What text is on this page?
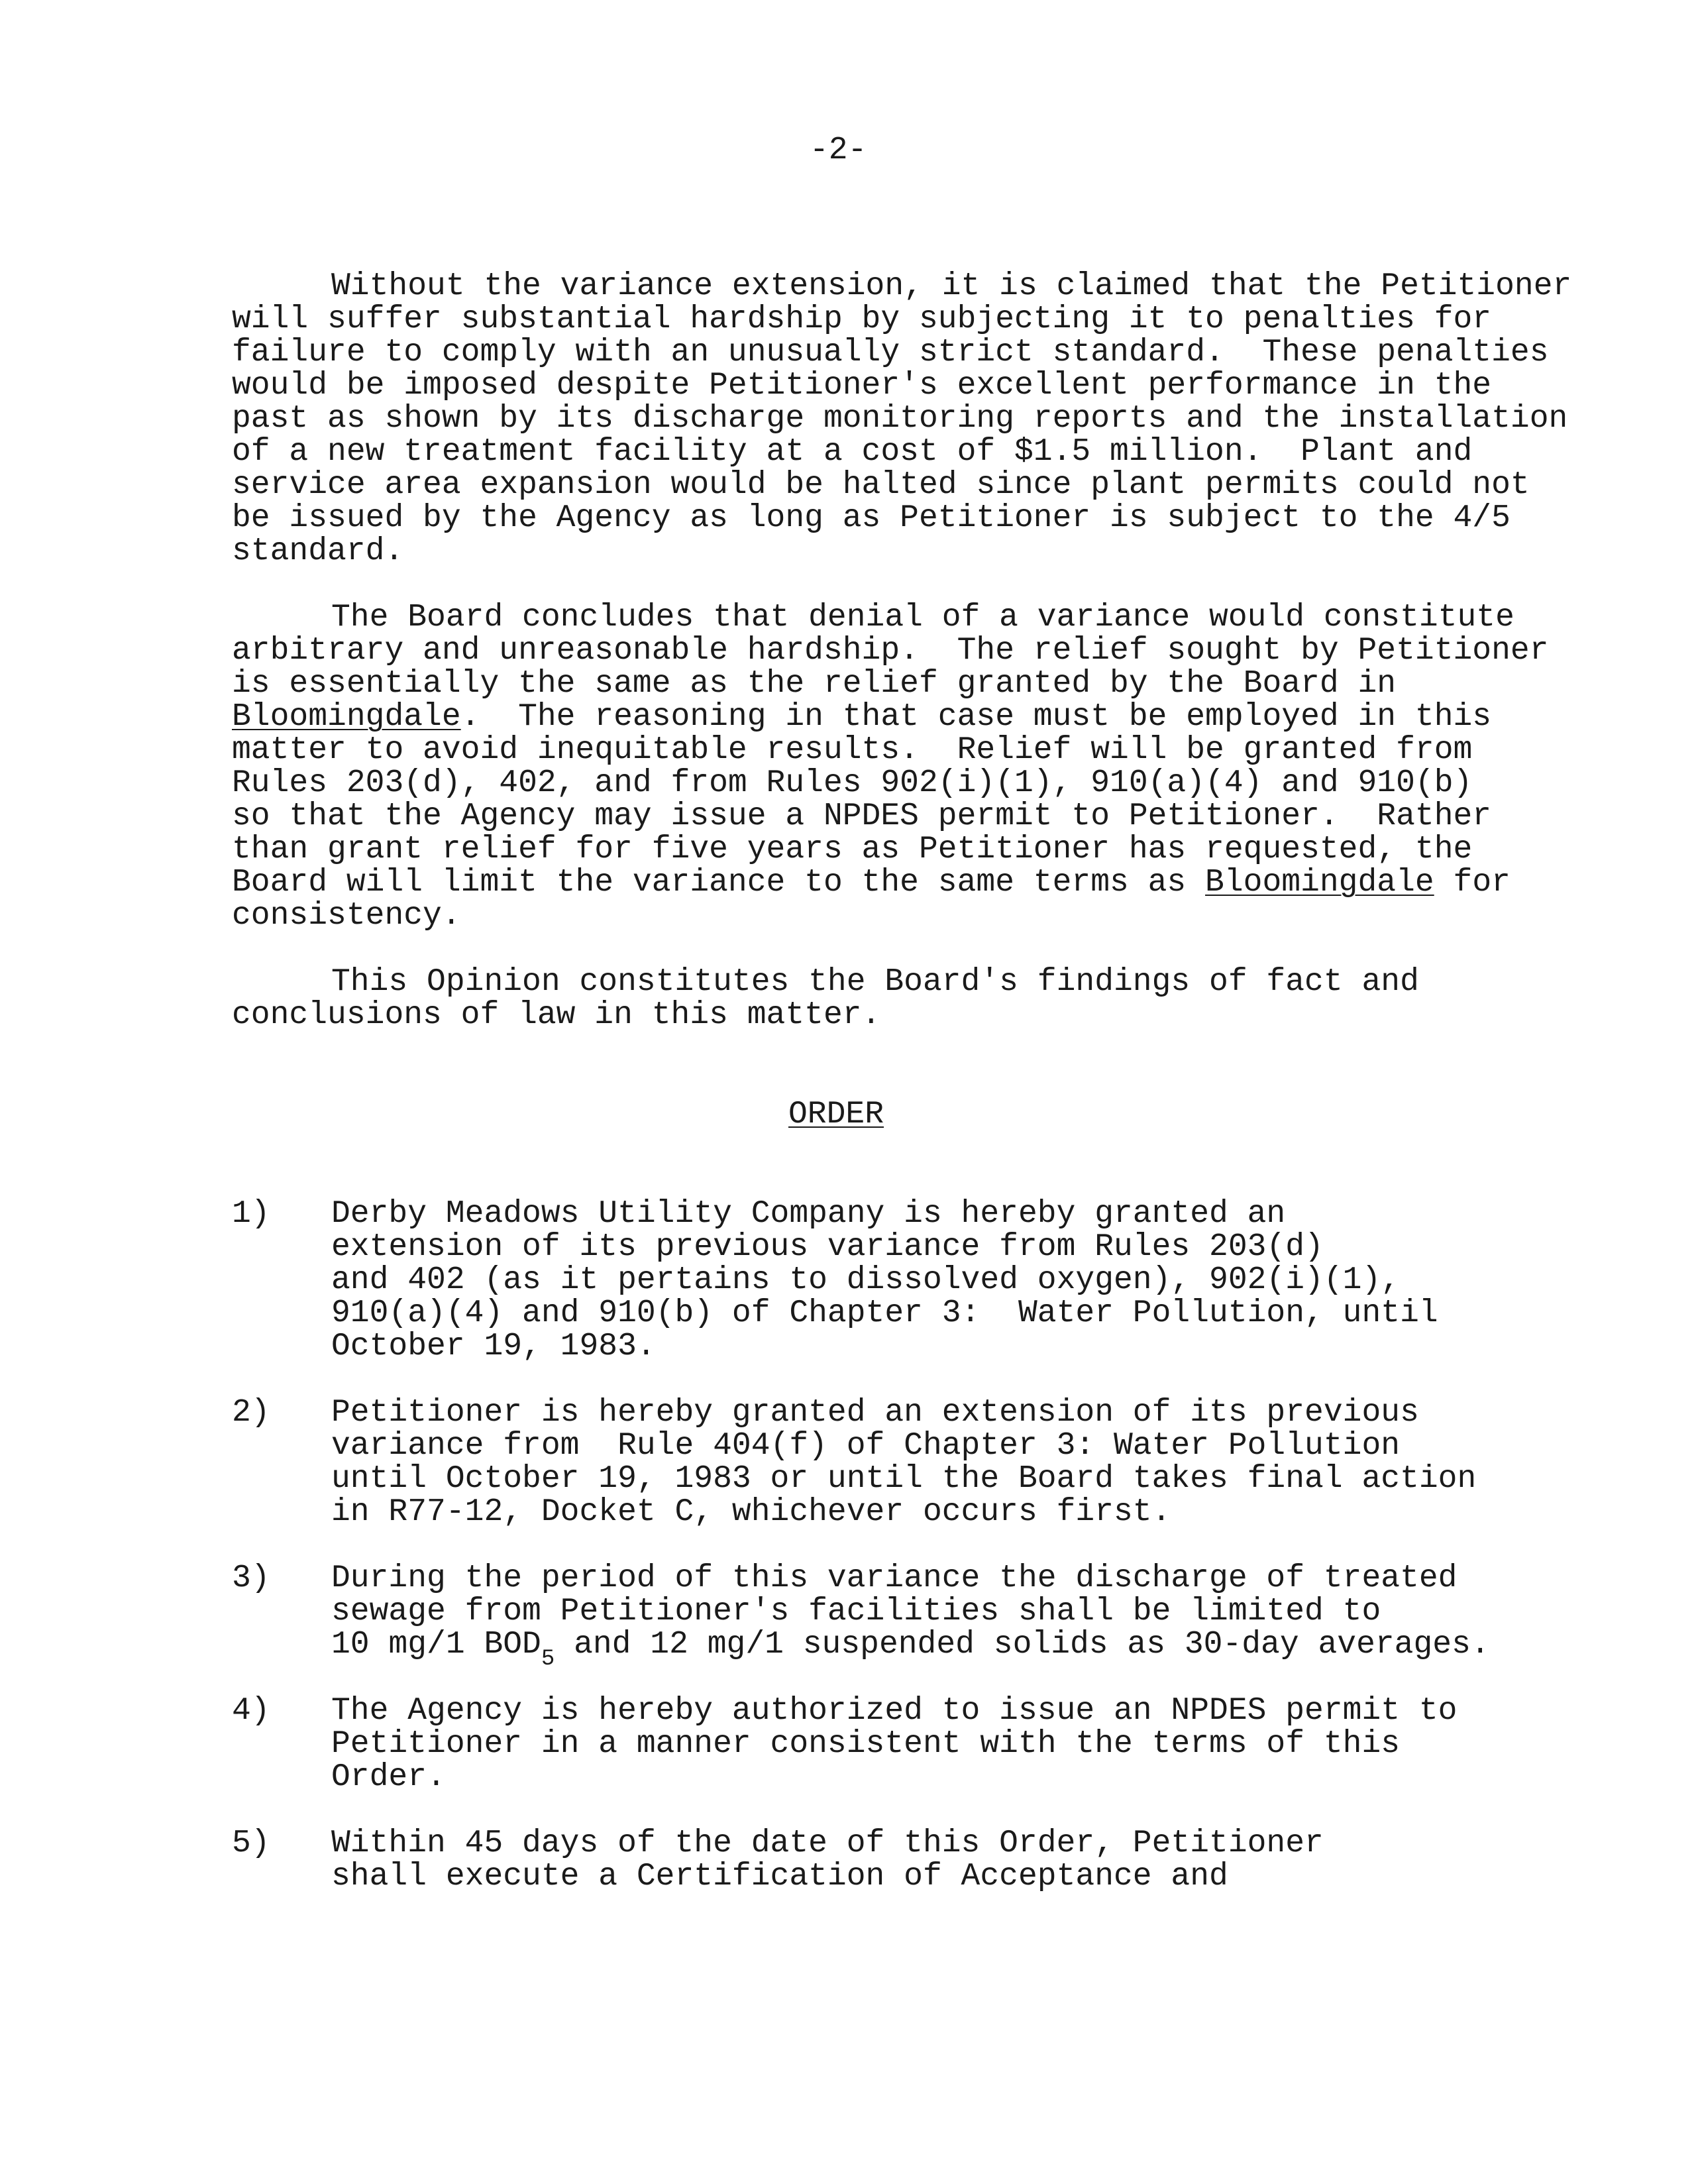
-2-
Without the variance extension, it is claimed that the Petitioner
will suffer substantial hardship by subjecting it to penalties for
failure to comply with an unusually strict standard.  These penalties
would be imposed despite Petitioner's excellent performance in the
past as shown by its discharge monitoring reports and the installation
of a new treatment facility at a cost of $1.5 million.  Plant and
service area expansion would be halted since plant permits could not
be issued by the Agency as long as Petitioner is subject to the 4/5
standard.
The Board concludes that denial of a variance would constitute
arbitrary and unreasonable hardship.  The relief sought by Petitioner
is essentially the same as the relief granted by the Board in
Bloomingdale.  The reasoning in that case must be employed in this
matter to avoid inequitable results.  Relief will be granted from
Rules 203(d), 402, and from Rules 902(i)(1), 910(a)(4) and 910(b)
so that the Agency may issue a NPDES permit to Petitioner.  Rather
than grant relief for five years as Petitioner has requested, the
Board will limit the variance to the same terms as Bloomingdale for
consistency.
This Opinion constitutes the Board's findings of fact and
conclusions of law in this matter.
ORDER
1) Derby Meadows Utility Company is hereby granted an
extension of its previous variance from Rules 203(d)
and 402 (as it pertains to dissolved oxygen), 902(i)(1),
910(a)(4) and 910(b) of Chapter 3:  Water Pollution, until
October 19, 1983.
2) Petitioner is hereby granted an extension of its previous
variance from  Rule 404(f) of Chapter 3: Water Pollution
until October 19, 1983 or until the Board takes final action
in R77-12, Docket C, whichever occurs first.
3) During the period of this variance the discharge of treated
sewage from Petitioner's facilities shall be limited to
10 mg/1 $BOD_5$ and 12 mg/1 suspended solids as 30-day averages.
4) The Agency is hereby authorized to issue an NPDES permit to
Petitioner in a manner consistent with the terms of this
Order.
5) Within 45 days of the date of this Order, Petitioner
shall execute a Certification of Acceptance and
